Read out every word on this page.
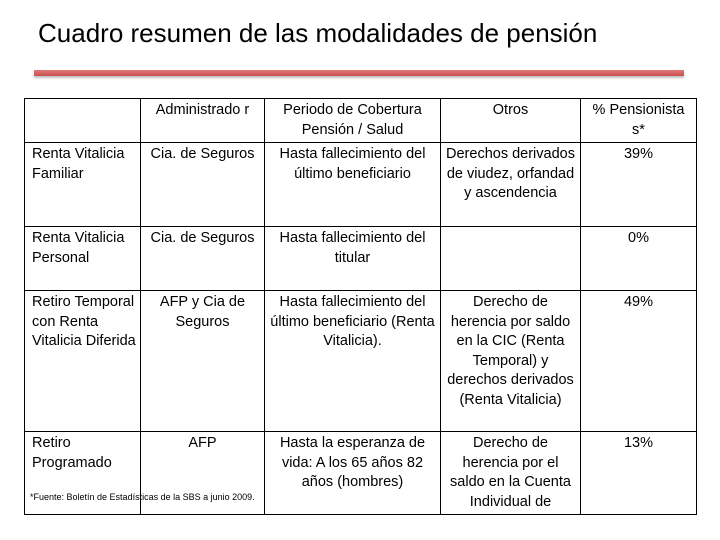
Cuadro resumen de las modalidades de pensión
	Administrado r	Periodo de Cobertura Pensión / Salud	Otros	% Pensionista s*
Renta Vitalicia Familiar	Cia. de Seguros	Hasta fallecimiento del último beneficiario	Derechos derivados de viudez, orfandad y ascendencia	39%
Renta Vitalicia Personal	Cia. de Seguros	Hasta fallecimiento del titular		0%
Retiro Temporal con Renta Vitalicia Diferida	AFP y Cia de Seguros	Hasta fallecimiento del último beneficiario (Renta Vitalicia).	Derecho de herencia por saldo en la CIC (Renta Temporal) y derechos derivados (Renta Vitalicia)	49%
Retiro Programado	AFP	Hasta la esperanza de vida: A los 65 años 82 años (hombres)	Derecho de herencia por el saldo en la Cuenta Individual de	13%
*Fuente: Boletín de Estadísticas de la SBS a junio 2009.
